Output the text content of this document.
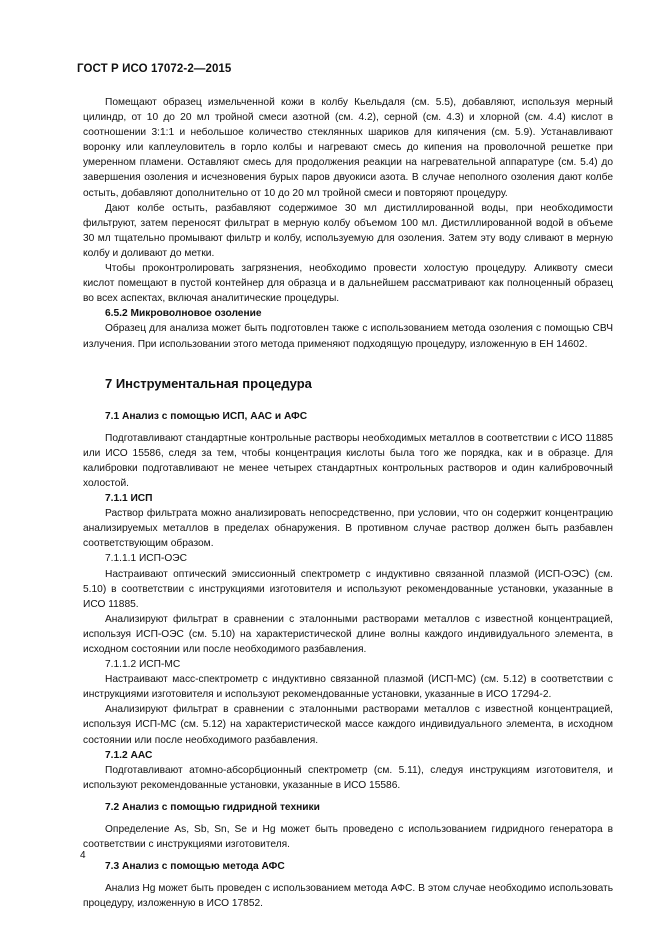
ГОСТ Р ИСО 17072-2—2015

Помещают образец измельченной кожи в колбу Кьельдаля (см. 5.5), добавляют, используя мерный цилиндр, от 10 до 20 мл тройной смеси азотной (см. 4.2), серной (см. 4.3) и хлорной (см. 4.4) кислот в соотношении 3:1:1 и небольшое количество стеклянных шариков для кипячения (см. 5.9). Устанавливают воронку или каплеуловитель в горло колбы и нагревают смесь до кипения на проволочной решетке при умеренном пламени. Оставляют смесь для продолжения реакции на нагревательной аппаратуре (см. 5.4) до завершения озоления и исчезновения бурых паров двуокиси азота. В случае неполного озоления дают колбе остыть, добавляют дополнительно от 10 до 20 мл тройной смеси и повторяют процедуру.

Дают колбе остыть, разбавляют содержимое 30 мл дистиллированной воды, при необходимости фильтруют, затем переносят фильтрат в мерную колбу объемом 100 мл. Дистиллированной водой в объеме 30 мл тщательно промывают фильтр и колбу, используемую для озоления. Затем эту воду сливают в мерную колбу и доливают до метки.

Чтобы проконтролировать загрязнения, необходимо провести холостую процедуру. Аликвоту смеси кислот помещают в пустой контейнер для образца и в дальнейшем рассматривают как полноценный образец во всех аспектах, включая аналитические процедуры.

6.5.2 Микроволновое озоление

Образец для анализа может быть подготовлен также с использованием метода озоления с помощью СВЧ излучения. При использовании этого метода применяют подходящую процедуру, изложенную в ЕН 14602.

7 Инструментальная процедура
7.1 Анализ с помощью ИСП, ААС и АФС

Подготавливают стандартные контрольные растворы необходимых металлов в соответствии с ИСО 11885 или ИСО 15586, следя за тем, чтобы концентрация кислоты была того же порядка, как и в образце. Для калибровки подготавливают не менее четырех стандартных контрольных растворов и один калибровочный холостой.

7.1.1 ИСП

Раствор фильтрата можно анализировать непосредственно, при условии, что он содержит концентрацию анализируемых металлов в пределах обнаружения. В противном случае раствор должен быть разбавлен соответствующим образом.

7.1.1.1 ИСП-ОЭС

Настраивают оптический эмиссионный спектрометр с индуктивно связанной плазмой (ИСП-ОЭС) (см. 5.10) в соответствии с инструкциями изготовителя и используют рекомендованные установки, указанные в ИСО 11885.

Анализируют фильтрат в сравнении с эталонными растворами металлов с известной концентрацией, используя ИСП-ОЭС (см. 5.10) на характеристической длине волны каждого индивидуального элемента, в исходном состоянии или после необходимого разбавления.

7.1.1.2 ИСП-МС

Настраивают масс-спектрометр с индуктивно связанной плазмой (ИСП-МС) (см. 5.12) в соответствии с инструкциями изготовителя и используют рекомендованные установки, указанные в ИСО 17294-2.

Анализируют фильтрат в сравнении с эталонными растворами металлов с известной концентрацией, используя ИСП-МС (см. 5.12) на характеристической массе каждого индивидуального элемента, в исходном состоянии или после необходимого разбавления.

7.1.2 ААС

Подготавливают атомно-абсорбционный спектрометр (см. 5.11), следуя инструкциям изготовителя, и используют рекомендованные установки, указанные в ИСО 15586.

7.2 Анализ с помощью гидридной техники

Определение As, Sb, Sn, Se и Hg может быть проведено с использованием гидридного генератора в соответствии с инструкциями изготовителя.

7.3 Анализ с помощью метода АФС

Анализ Hg может быть проведен с использованием метода АФС. В этом случае необходимо использовать процедуру, изложенную в ИСО 17852.

4
